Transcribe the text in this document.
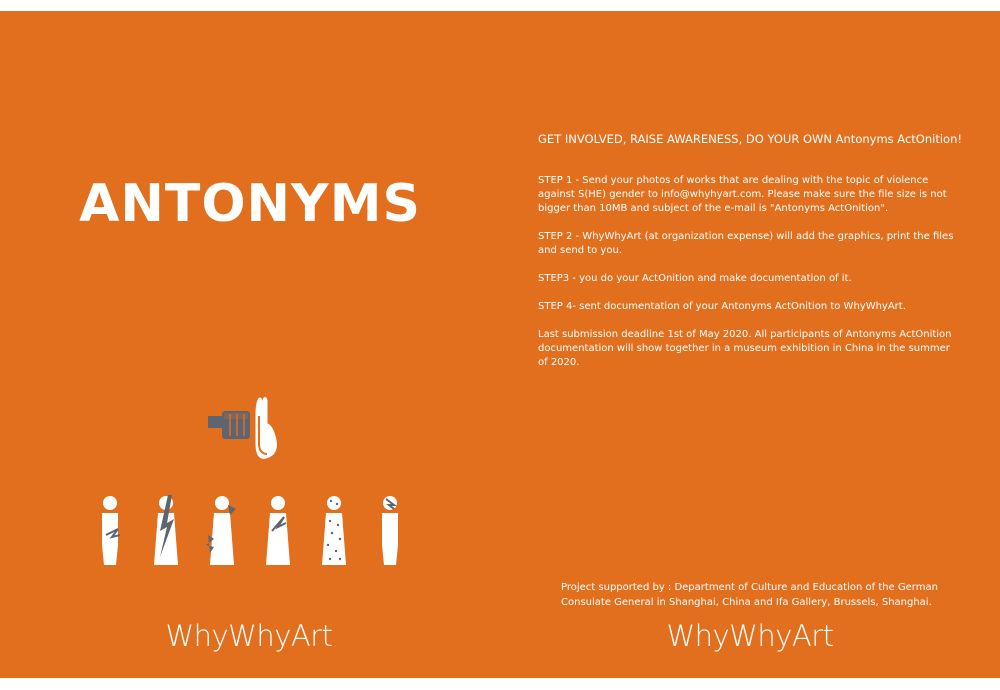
ANTONYMS
WhyWhyArt
GET INVOLVED, RAISE AWARENESS, DO YOUR OWN Antonyms ActOnition!

STEP 1 - Send your photos of works that are dealing with the topic of violence against S(HE) gender to info@whyhyart.com. Please make sure the file size is not bigger than 10MB and subject of the e-mail is "Antonyms ActOnition".

STEP 2 - WhyWhyArt (at organization expense) will add the graphics, print the files and send to you.

STEP3 - you do your ActOnition and make documentation of it.

STEP 4- sent documentation of your Antonyms ActOnition to WhyWhyArt.

Last submission deadline 1st of May 2020. All participants of Antonyms ActOnition documentation will show together in a museum exhibition in China in the summer of 2020.

Project supported by : Department of Culture and Education of the German Consulate General in Shanghai, China and Ifa Gallery, Brussels, Shanghai.
WhyWhyArt
